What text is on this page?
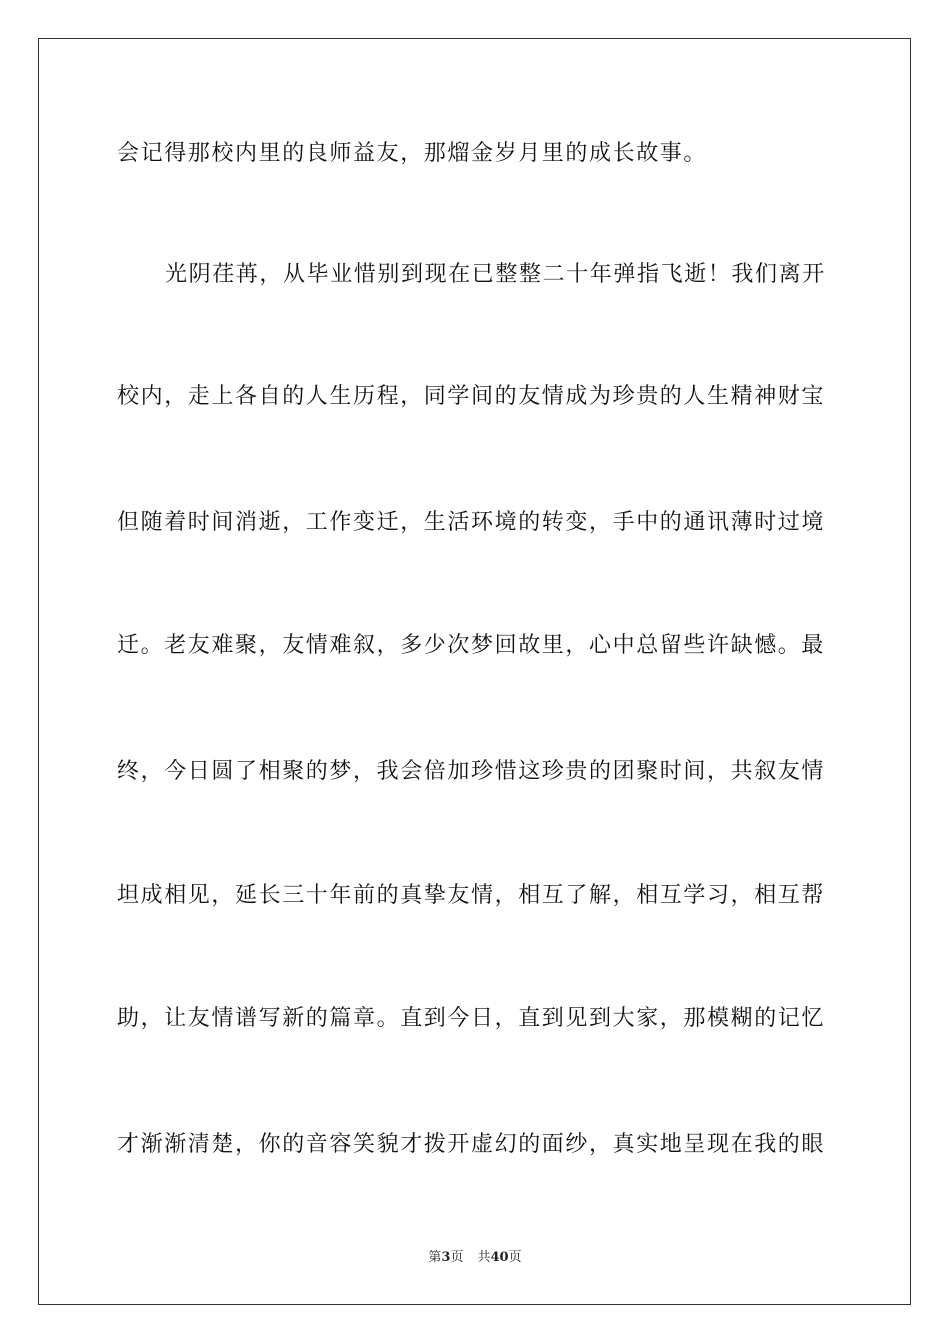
会记得那校内里的良师益友，那熘金岁月里的成长故事。
光阴荏苒，从毕业惜别到现在已整整二十年弹指飞逝！我们离开
校内，走上各自的人生历程，同学间的友情成为珍贵的人生精神财宝
但随着时间消逝，工作变迁，生活环境的转变，手中的通讯薄时过境
迁。老友难聚，友情难叙，多少次梦回故里，心中总留些许缺憾。最
终，今日圆了相聚的梦，我会倍加珍惜这珍贵的团聚时间，共叙友情
坦成相见，延长三十年前的真挚友情，相互了解，相互学习，相互帮
助，让友情谱写新的篇章。直到今日，直到见到大家，那模糊的记忆
才渐渐清楚，你的音容笑貌才拨开虚幻的面纱，真实地呈现在我的眼
第3页 共40页
